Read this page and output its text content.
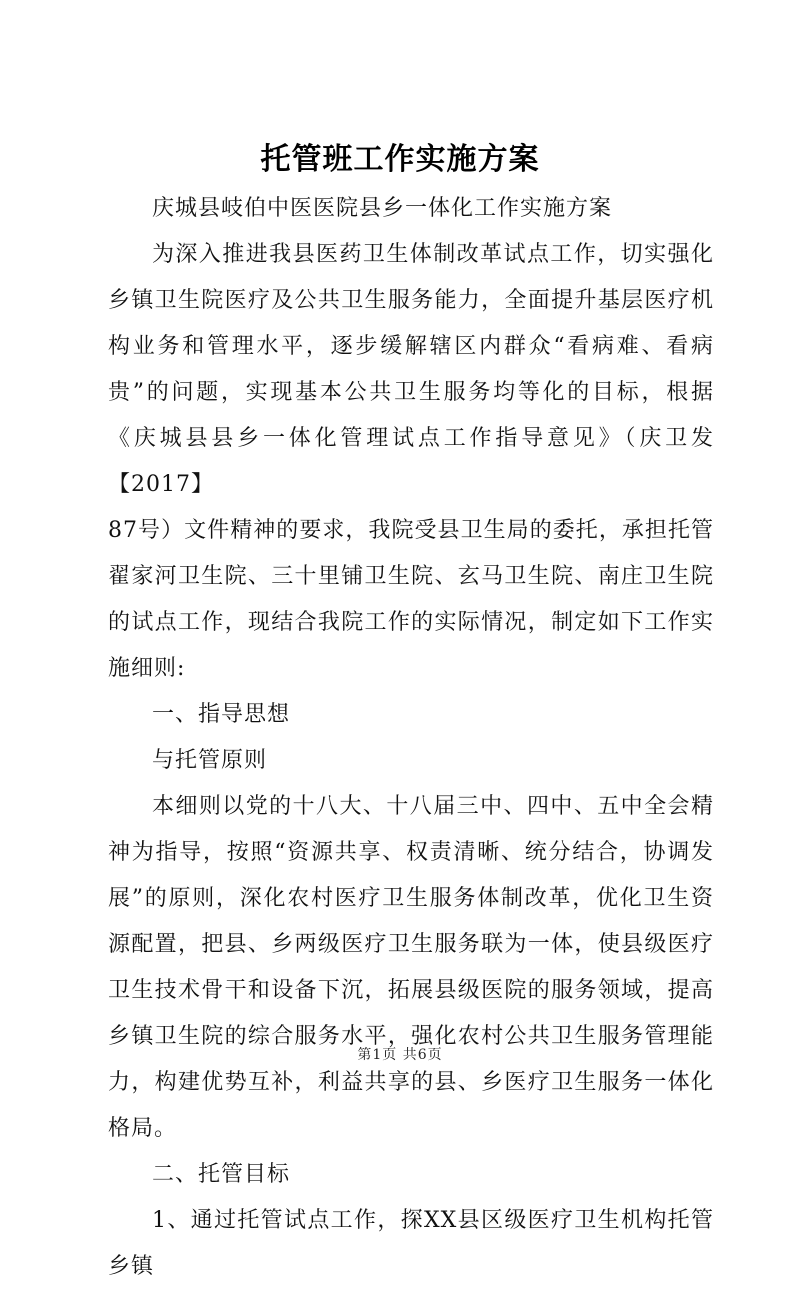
托管班工作实施方案

庆城县岐伯中医医院县乡一体化工作实施方案

为深入推进我县医药卫生体制改革试点工作，切实强化乡镇卫生院医疗及公共卫生服务能力，全面提升基层医疗机构业务和管理水平，逐步缓解辖区内群众“看病难、看病贵”的问题，实现基本公共卫生服务均等化的目标，根据《庆城县县乡一体化管理试点工作指导意见》（庆卫发【2017】

87号）文件精神的要求，我院受县卫生局的委托，承担托管翟家河卫生院、三十里铺卫生院、玄马卫生院、南庄卫生院的试点工作，现结合我院工作的实际情况，制定如下工作实施细则:

一、指导思想

与托管原则

本细则以党的十八大、十八届三中、四中、五中全会精神为指导，按照“资源共享、权责清晰、统分结合，协调发展”的原则，深化农村医疗卫生服务体制改革，优化卫生资源配置，把县、乡两级医疗卫生服务联为一体，使县级医疗卫生技术骨干和设备下沉，拓展县级医院的服务领域，提高乡镇卫生院的综合服务水平，强化农村公共卫生服务管理能力，构建优势互补，利益共享的县、乡医疗卫生服务一体化格局。

二、托管目标

1、通过托管试点工作，探XX县区级医疗卫生机构托管乡镇

第1页 共6页
